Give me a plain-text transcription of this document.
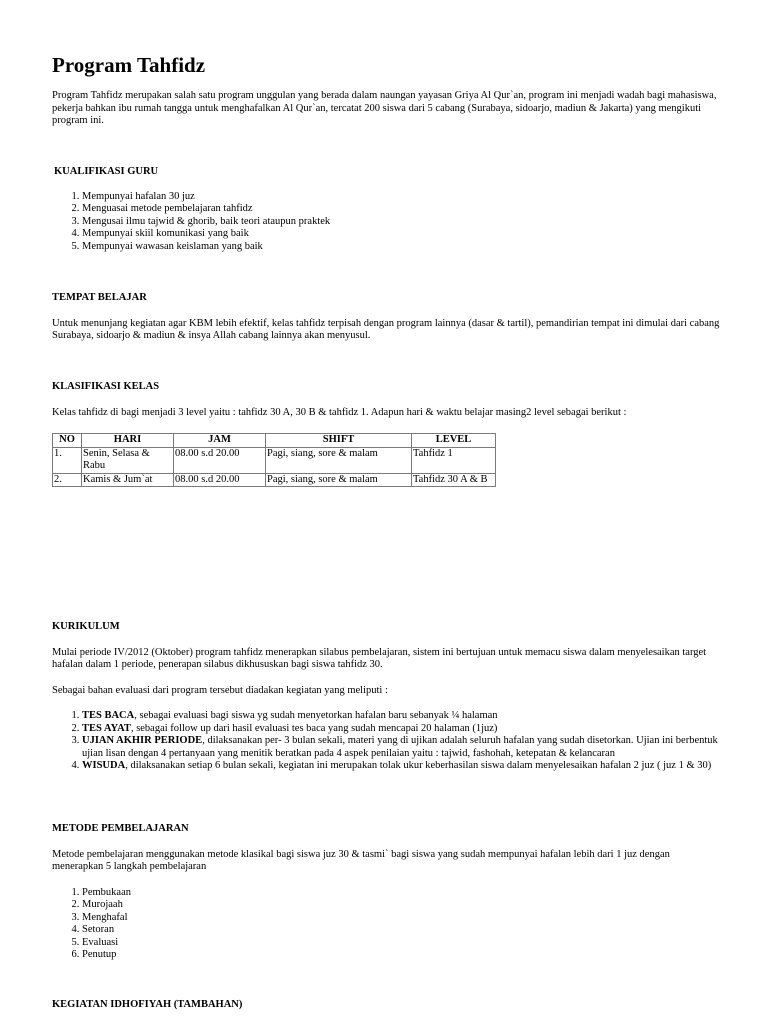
Program Tahfidz

Program Tahfidz merupakan salah satu program unggulan yang berada dalam naungan yayasan Griya Al Qur`an, program ini menjadi wadah bagi mahasiswa, pekerja bahkan ibu rumah tangga untuk menghafalkan Al Qur`an, tercatat 200 siswa dari 5 cabang (Surabaya, sidoarjo, madiun & Jakarta) yang mengikuti program ini.

KUALIFIKASI GURU

1. Mempunyai hafalan 30 juz
2. Menguasai metode pembelajaran tahfidz
3. Mengusai ilmu tajwid & ghorib, baik teori ataupun praktek
4. Mempunyai skiil komunikasi yang baik
5. Mempunyai wawasan keislaman yang baik

TEMPAT BELAJAR

Untuk menunjang kegiatan agar KBM lebih efektif, kelas tahfidz terpisah dengan program lainnya (dasar & tartil), pemandirian tempat ini dimulai dari cabang Surabaya, sidoarjo & madiun & insya Allah cabang lainnya akan menyusul.

KLASIFIKASI KELAS

Kelas tahfidz di bagi menjadi 3 level yaitu : tahfidz 30 A, 30 B & tahfidz 1. Adapun hari & waktu belajar masing2 level sebagai berikut :

NO	HARI	JAM	SHIFT	LEVEL
1.	Senin, Selasa & Rabu	08.00 s.d 20.00	Pagi, siang, sore & malam	Tahfidz 1
2.	Kamis & Jum`at	08.00 s.d 20.00	Pagi, siang, sore & malam	Tahfidz 30 A & B

KURIKULUM

Mulai periode IV/2012 (Oktober) program tahfidz menerapkan silabus pembelajaran, sistem ini bertujuan untuk memacu siswa dalam menyelesaikan target hafalan dalam 1 periode, penerapan silabus dikhususkan bagi siswa tahfidz 30.

Sebagai bahan evaluasi dari program tersebut diadakan kegiatan yang meliputi :

1. TES BACA, sebagai evaluasi bagi siswa yg sudah menyetorkan hafalan baru sebanyak ¼ halaman
2. TES AYAT, sebagai follow up dari hasil evaluasi tes baca yang sudah mencapai 20 halaman (1juz)
3. UJIAN AKHIR PERIODE, dilaksanakan per- 3 bulan sekali, materi yang di ujikan adalah seluruh hafalan yang sudah disetorkan. Ujian ini berbentuk ujian lisan dengan 4 pertanyaan yang menitik beratkan pada 4 aspek penilaian yaitu : tajwid, fashohah, ketepatan & kelancaran
4. WISUDA, dilaksanakan setiap 6 bulan sekali, kegiatan ini merupakan tolak ukur keberhasilan siswa dalam menyelesaikan hafalan 2 juz ( juz 1 & 30)

METODE PEMBELAJARAN

Metode pembelajaran menggunakan metode klasikal bagi siswa juz 30 & tasmi` bagi siswa yang sudah mempunyai hafalan lebih dari 1 juz dengan menerapkan 5 langkah pembelajaran

1. Pembukaan
2. Murojaah
3. Menghafal
4. Setoran
5. Evaluasi
6. Penutup

KEGIATAN IDHOFIYAH (TAMBAHAN)
